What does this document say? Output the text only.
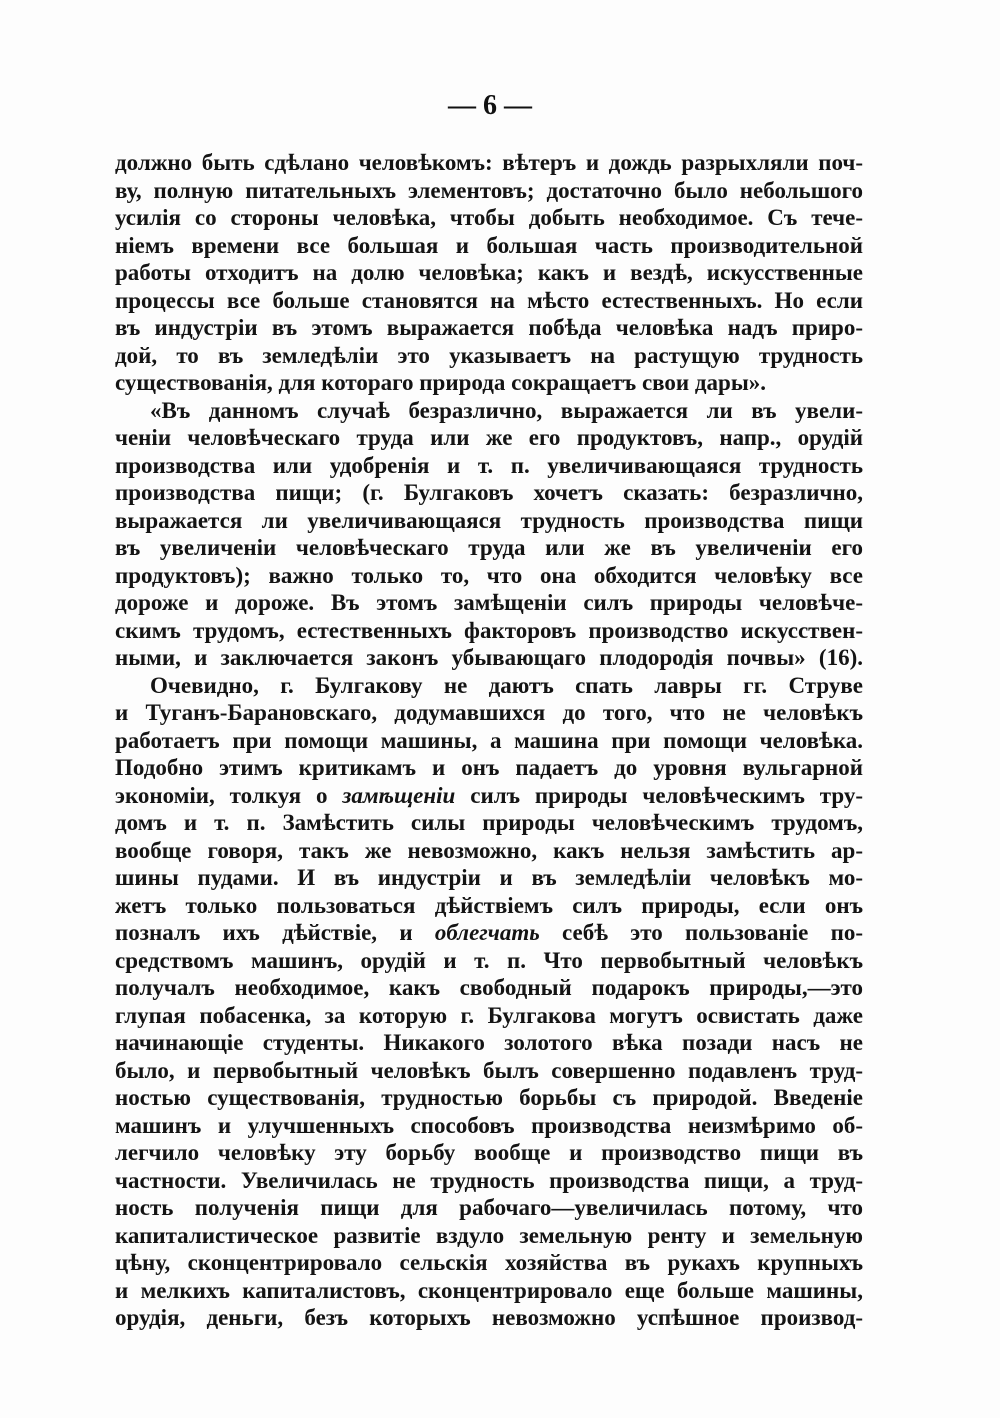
— 6 —
должно быть сдѣлано человѣкомъ: вѣтеръ и дождь разрыхляли поч-
ву, полную питательныхъ элементовъ; достаточно было небольшого
усилія со стороны человѣка, чтобы добыть необходимое. Съ тече-
ніемъ времени все большая и большая часть производительной
работы отходитъ на долю человѣка; какъ и вездѣ, искусственные
процессы все больше становятся на мѣсто естественныхъ. Но если
въ индустріи въ этомъ выражается побѣда человѣка надъ приро-
дой, то въ земледѣліи это указываетъ на растущую трудность
существованія, для котораго природа сокращаетъ свои дары».
«Въ данномъ случаѣ безразлично, выражается ли въ увели-
ченіи человѣческаго труда или же его продуктовъ, напр., орудій
производства или удобренія и т. п. увеличивающаяся трудность
производства пищи; (г. Булгаковъ хочетъ сказать: безразлично,
выражается ли увеличивающаяся трудность производства пищи
въ увеличеніи человѣческаго труда или же въ увеличеніи его
продуктовъ); важно только то, что она обходится человѣку все
дороже и дороже. Въ этомъ замѣщеніи силъ природы человѣче-
скимъ трудомъ, естественныхъ факторовъ производство искусствен-
ными, и заключается законъ убывающаго плодородія почвы» (16).
Очевидно, г. Булгакову не даютъ спать лавры гг. Струве
и Туганъ-Барановскаго, додумавшихся до того, что не человѣкъ
работаетъ при помощи машины, а машина при помощи человѣка.
Подобно этимъ критикамъ и онъ падаетъ до уровня вульгарной
экономіи, толкуя о замѣщеніи силъ природы человѣческимъ тру-
домъ и т. п. Замѣстить силы природы человѣческимъ трудомъ,
вообще говоря, такъ же невозможно, какъ нельзя замѣстить ар-
шины пудами. И въ индустріи и въ земледѣліи человѣкъ мо-
жетъ только пользоваться дѣйствіемъ силъ природы, если онъ
позналъ ихъ дѣйствіе, и облегчать себѣ это пользованіе по-
средствомъ машинъ, орудій и т. п. Что первобытный человѣкъ
получалъ необходимое, какъ свободный подарокъ природы,—это
глупая побасенка, за которую г. Булгакова могутъ освистать даже
начинающіе студенты. Никакого золотого вѣка позади насъ не
было, и первобытный человѣкъ былъ совершенно подавленъ труд-
ностью существованія, трудностью борьбы съ природой. Введеніе
машинъ и улучшенныхъ способовъ производства неизмѣримо об-
легчило человѣку эту борьбу вообще и производство пищи въ
частности. Увеличилась не трудность производства пищи, а труд-
ность полученія пищи для рабочаго—увеличилась потому, что
капиталистическое развитіе вздуло земельную ренту и земельную
цѣну, сконцентрировало сельскія хозяйства въ рукахъ крупныхъ
и мелкихъ капиталистовъ, сконцентрировало еще больше машины,
орудія, деньги, безъ которыхъ невозможно успѣшное производ-
